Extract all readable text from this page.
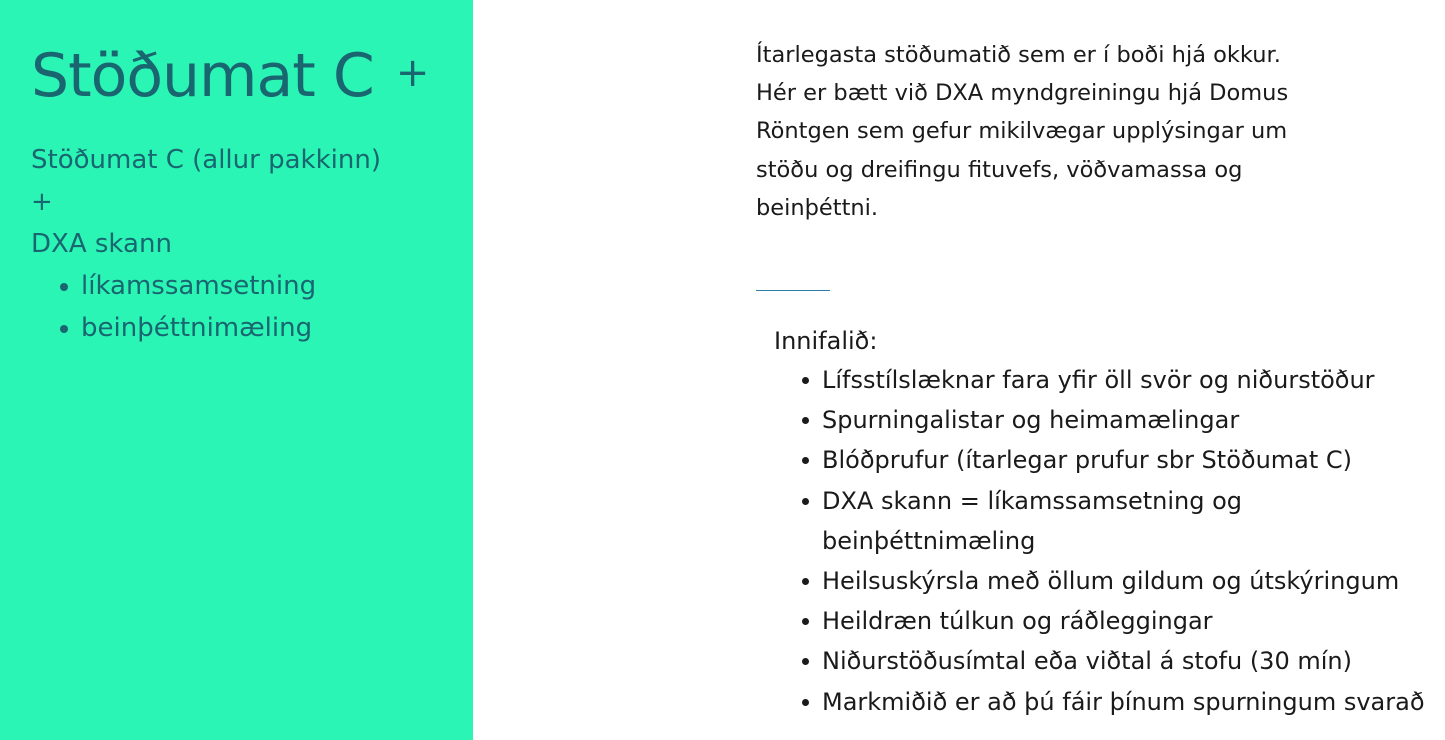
Stöðumat C +
Stöðumat C (allur pakkinn)
+
DXA skann
líkamssamsetning
beinþéttnimæling

Ítarlegasta stöðumatið sem er í boði hjá okkur. Hér er bætt við DXA myndgreiningu hjá Domus Röntgen sem gefur mikilvægar upplýsingar um stöðu og dreifingu fituvefs, vöðvamassa og beinþéttni.

Innifalið:

Lífsstílslæknar fara yfir öll svör og niðurstöður
Spurningalistar og heimamælingar
Blóðprufur (ítarlegar prufur sbr Stöðumat C)
DXA skann = líkamssamsetning og beinþéttnimæling
Heilsuskýrsla með öllum gildum og útskýringum
Heildræn túlkun og ráðleggingar
Niðurstöðusímtal eða viðtal á stofu (30 mín)
Markmiðið er að þú fáir þínum spurningum svarað
